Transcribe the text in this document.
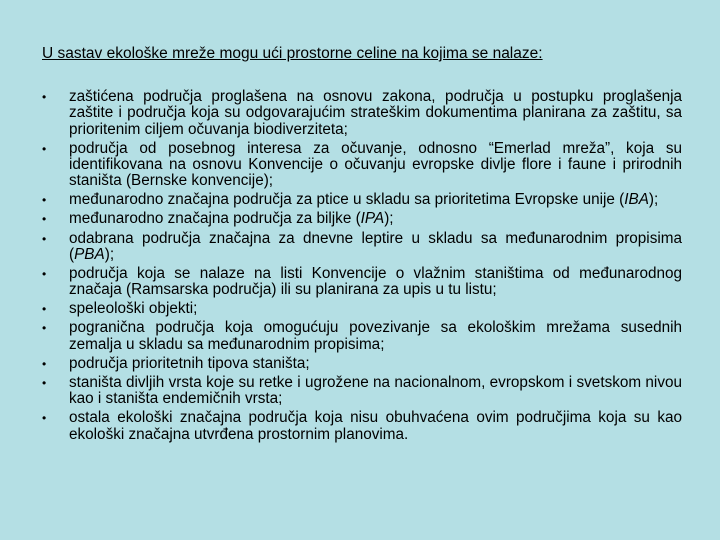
U sastav ekološke mreže mogu ući prostorne celine na kojima se nalaze:
•	zaštićena područja proglašena na osnovu zakona, područja u postupku proglašenja zaštite i područja koja su odgovarajućim strateškim dokumentima planirana za zaštitu, sa prioritenim ciljem očuvanja biodiverziteta;
•	područja od posebnog interesa za očuvanje, odnosno “Emerlad mreža”, koja su identifikovana na osnovu Konvencije o očuvanju evropske divlje flore i faune i prirodnih staništa (Bernske konvencije);
•	međunarodno značajna područja za ptice u skladu sa prioritetima Evropske unije (IBA);
•	međunarodno značajna područja za biljke (IPA);
•	odabrana područja značajna za dnevne leptire u skladu sa međunarodnim propisima (PBA);
•	područja koja se nalaze na listi Konvencije o vlažnim staništima od međunarodnog značaja (Ramsarska područja) ili su planirana za upis u tu listu;
•	speleološki objekti;
•	pogranična područja koja omogućuju povezivanje sa ekološkim mrežama susednih zemalja u skladu sa međunarodnim propisima;
•	područja prioritetnih tipova staništa;
•	staništa divljih vrsta koje su retke i ugrožene na nacionalnom, evropskom i svetskom nivou kao i staništa endemičnih vrsta;
•	ostala ekološki značajna područja koja nisu obuhvaćena ovim područjima koja su kao ekološki značajna utvrđena prostornim planovima.
